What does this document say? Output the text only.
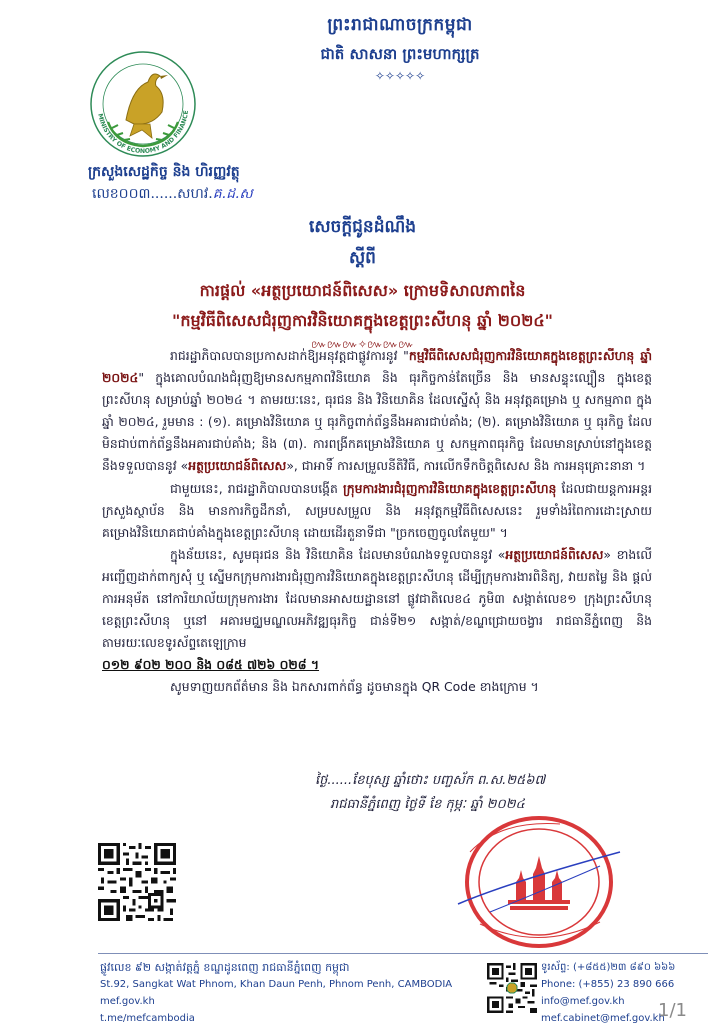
ព្រះរាជាណាចក្រកម្ពុជា
ជាតិ សាសនា ព្រះមហាក្សត្រ
✧✧✧✧✧
MINISTRY OF ECONOMY AND FINANCE
ក្រសួងសេដ្ឋកិច្ច និង ហិរញ្ញវត្ថុ
លេខ០០៣......សហវ.គ.ដ.ស
សេចក្ដីជូនដំណឹង
ស្ដីពី
ការផ្ដល់ «អត្ថប្រយោជន៍ពិសេស» ក្រោមទិសាលភាពនៃ
"កម្មវិធីពិសេសជំរុញការវិនិយោគក្នុងខេត្តព្រះសីហនុ ឆ្នាំ ២០២៤"
៚៚៚✧៚៚៚

រាជរដ្ឋាភិបាលបានប្រកាសដាក់ឱ្យអនុវត្តជាផ្លូវការនូវ "កម្មវិធីពិសេសជំរុញការវិនិយោគក្នុងខេត្តព្រះសីហនុ ឆ្នាំ ២០២៤" ក្នុងគោលបំណងជំរុញឱ្យមានសកម្មភាពវិនិយោគ និង ធុរកិច្ចកាន់តែច្រើន និង មានសន្ទុះល្បឿន ក្នុងខេត្តព្រះសីហនុ សម្រាប់ឆ្នាំ ២០២៤ ។ តាមរយៈនេះ, ធុរជន និង វិនិយោគិន ដែលស្នើសុំ និង អនុវត្តគម្រោង ឬ សកម្មភាព ក្នុងឆ្នាំ ២០២៤, រួមមាន : (១). គម្រោងវិនិយោគ ឬ ធុរកិច្ចពាក់ព័ន្ធនឹងអគារជាប់គាំង; (២). គម្រោងវិនិយោគ ឬ ធុរកិច្ច ដែលមិនជាប់ពាក់ព័ន្ធនឹងអគារជាប់គាំង; និង (៣). ការពង្រីកគម្រោងវិនិយោគ ឬ សកម្មភាពធុរកិច្ច ដែលមានស្រាប់នៅក្នុងខេត្ត នឹងទទួលបាននូវ «អត្ថប្រយោជន៍ពិសេស», ជាអាទិ៍ ការសម្រួលនីតិវិធី, ការលើកទឹកចិត្តពិសេស និង ការអនុគ្រោះនានា ។

ជាមួយនេះ, រាជរដ្ឋាភិបាលបានបង្កើត ក្រុមការងារជំរុញការវិនិយោគក្នុងខេត្តព្រះសីហនុ ដែលជាយន្តការអន្តរក្រសួងស្ថាប័ន និង មានការកិច្ចដឹកនាំ, សម្របសម្រួល និង អនុវត្តកម្មវិធីពិសេសនេះ រួមទាំងរំពៃការដោះស្រាយគម្រោងវិនិយោគជាប់គាំងក្នុងខេត្តព្រះសីហនុ ដោយដើរតួនាទីជា "ច្រកចេញចូលតែមួយ" ។

ក្នុងន័យនេះ, សូមធុរជន និង វិនិយោគិន ដែលមានបំណងទទួលបាននូវ «អត្ថប្រយោជន៍ពិសេស» ខាងលើ អញ្ជើញដាក់ពាក្យសុំ ឬ ស្នើមកក្រុមការងារជំរុញការវិនិយោគក្នុងខេត្តព្រះសីហនុ ដើម្បីក្រុមការងារពិនិត្យ, វាយតម្លៃ និង ផ្ដល់ការអនុម័ត នៅការិយាល័យក្រុមការងារ ដែលមានអាសយដ្ឋាននៅ ផ្លូវជាតិលេខ៤ ភូមិ៣ សង្កាត់លេខ១ ក្រុងព្រះសីហនុ ខេត្តព្រះសីហនុ ឬនៅ អគារមជ្ឈមណ្ឌលអភិវឌ្ឍធុរកិច្ច ជាន់ទី២១ សង្កាត់/ខណ្ឌជ្រោយចង្វារ រាជធានីភ្នំពេញ និង តាមរយៈលេខទូរស័ព្ទតេឡេក្រាម
០១២ ៩០២ ២០០ និង ០៨៥ ៧២៦ ០២៨ ។

សូមទាញយកព័ត៌មាន និង ឯកសារពាក់ព័ន្ធ ដូចមានក្នុង QR Code ខាងក្រោម ។

ថ្ងៃ......ខែបុស្ស ឆ្នាំថោះ បញ្ចស័ក ព.ស.២៥៦៧
រាជធានីភ្នំពេញ ថ្ងៃទី ខែ កុម្ភៈ ឆ្នាំ ២០២៤
ផ្លូវលេខ ៩២ សង្កាត់វត្តភ្នំ ខណ្ឌដូនពេញ រាជធានីភ្នំពេញ កម្ពុជា
St.92, Sangkat Wat Phnom, Khan Daun Penh, Phnom Penh, CAMBODIA
mef.gov.kh
t.me/mefcambodia
ទូរស័ព្ទ: (+៨៥៥)២៣ ៨៩០ ៦៦៦
Phone: (+855) 23 890 666
info@mef.gov.kh
mef.cabinet@mef.gov.kh
1/1
